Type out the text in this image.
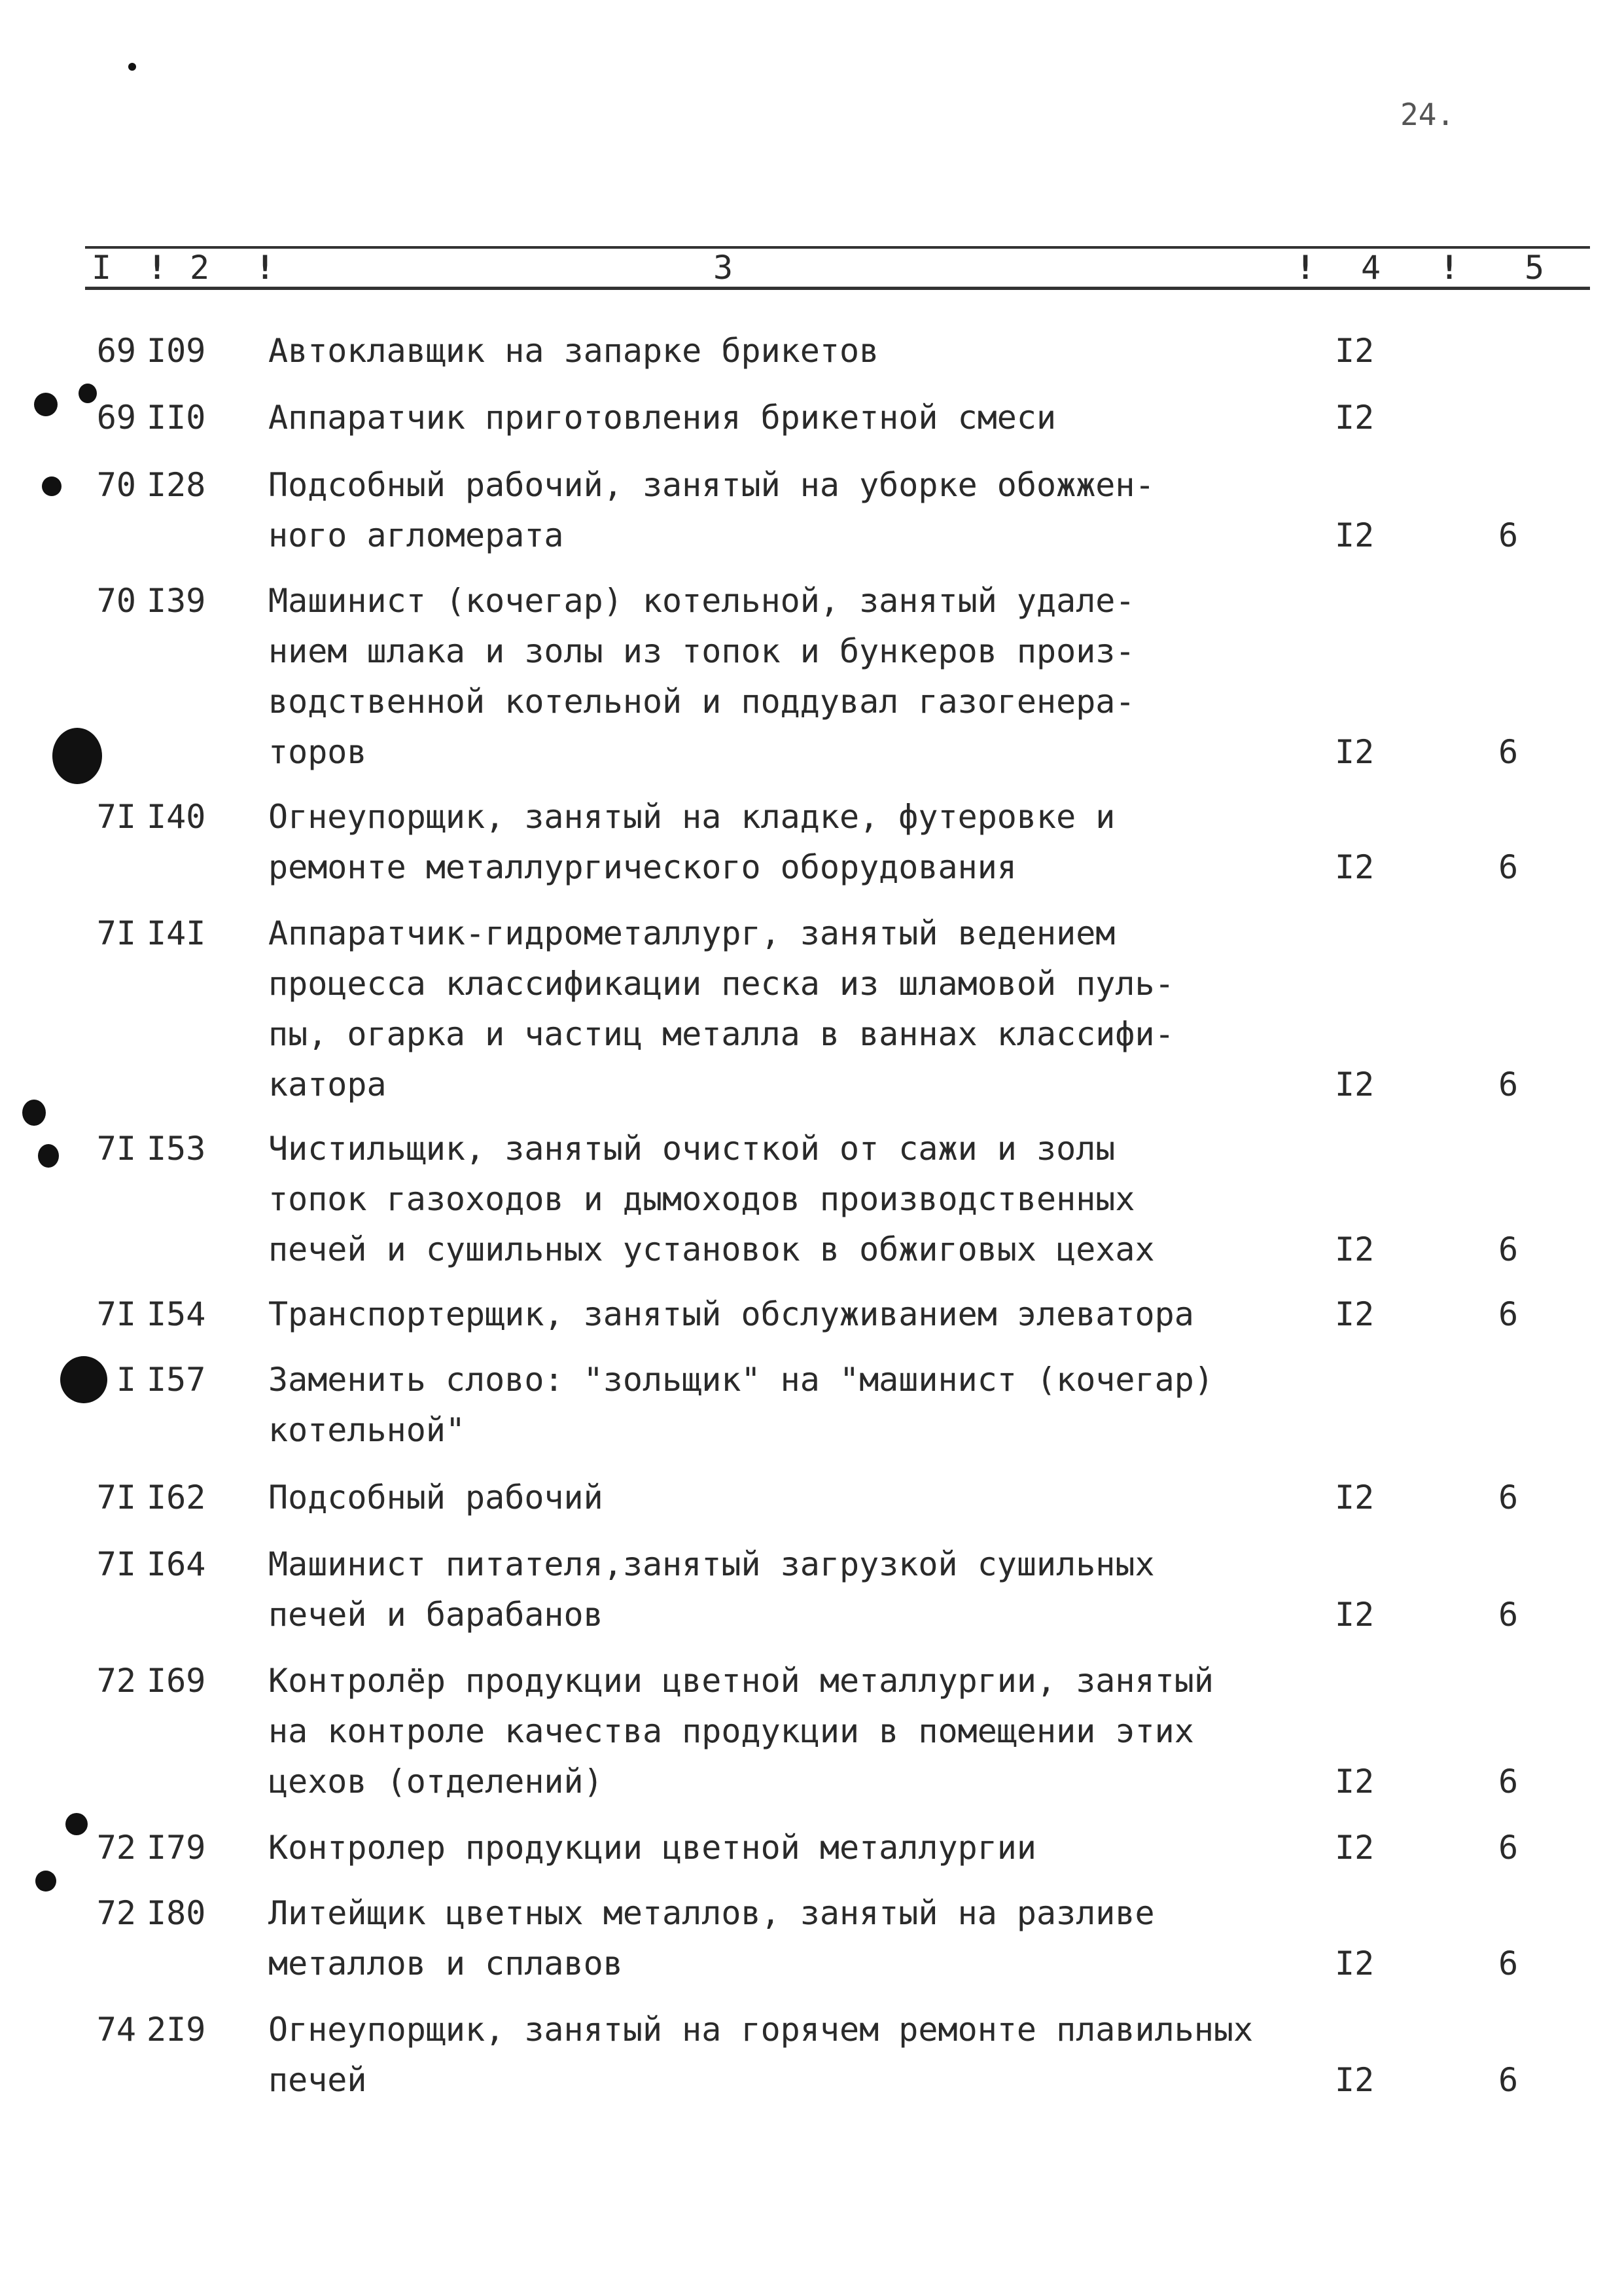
24.
I ! 2 !	3	! 4 ! 5
69 I09	Автоклавщик на запарке брикетов	I2
69 II0	Аппаратчик приготовления брикетной смеси	I2
70 I28	Подсобный рабочий, занятый на уборке обожжен-
ного агломерата	I2	6
70 I39	Машинист (кочегар) котельной, занятый удале-
нием шлака и золы из топок и бункеров произ-
водственной котельной и поддувал газогенера-
торов	I2	6
7I I40	Огнеупорщик, занятый на кладке, футеровке и
ремонте металлургического оборудования	I2	6
7I I4I	Аппаратчик-гидрометаллург, занятый ведением
процесса классификации песка из шламовой пуль-
пы, огарка и частиц металла в ваннах классифи-
катора	I2	6
7I I53	Чистильщик, занятый очисткой от сажи и золы
топок газоходов и дымоходов производственных
печей и сушильных установок в обжиговых цехах	I2	6
7I I54	Транспортерщик, занятый обслуживанием элеватора	I2	6
I I57	Заменить слово: "зольщик" на "машинист (кочегар)
котельной"
7I I62	Подсобный рабочий	I2	6
7I I64	Машинист питателя,занятый загрузкой сушильных
печей и барабанов	I2	6
72 I69	Контролёр продукции цветной металлургии, занятый
на контроле качества продукции в помещении этих
цехов (отделений)	I2	6
72 I79	Контролер продукции цветной металлургии	I2	6
72 I80	Литейщик цветных металлов, занятый на разливе
металлов и сплавов	I2	6
74 2I9	Огнеупорщик, занятый на горячем ремонте плавильных
печей	I2	6
